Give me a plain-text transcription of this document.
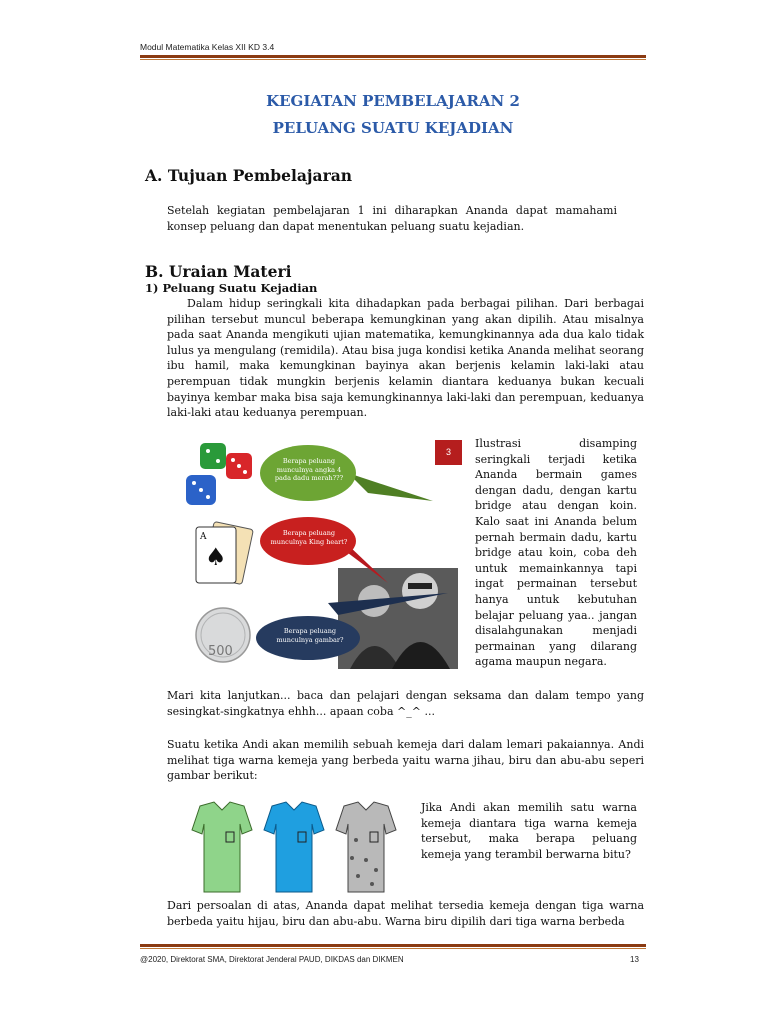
Modul Matematika Kelas XII KD 3.4
KEGIATAN PEMBELAJARAN 2
PELUANG SUATU KEJADIAN
A. Tujuan Pembelajaran
Setelah kegiatan pembelajaran 1 ini diharapkan Ananda dapat mamahami konsep peluang dan dapat menentukan peluang suatu kejadian.
B. Uraian Materi
1) Peluang Suatu Kejadian
Dalam hidup seringkali kita dihadapkan pada berbagai pilihan. Dari berbagai pilihan tersebut muncul beberapa kemungkinan yang akan dipilih. Atau misalnya pada saat Ananda mengikuti ujian matematika, kemungkinannya ada dua kalo tidak lulus ya mengulang (remidila). Atau bisa juga kondisi ketika Ananda melihat seorang ibu hamil, maka kemungkinan bayinya akan berjenis kelamin laki-laki atau perempuan tidak mungkin berjenis kelamin diantara keduanya bukan kecuali bayinya kembar maka bisa saja kemungkinannya laki-laki dan perempuan, keduanya laki-laki atau keduanya perempuan.
A
♠
500
Berapa peluang munculnya angka 4 pada dadu merah???
Berapa peluang munculnya King heart?
Berapa peluang munculnya gambar?
3
Ilustrasi disamping seringkali terjadi ketika Ananda bermain games dengan dadu, dengan kartu bridge atau dengan koin. Kalo saat ini Ananda belum pernah bermain dadu, kartu bridge atau koin, coba deh untuk memainkannya tapi ingat permainan tersebut hanya untuk kebutuhan belajar peluang yaa.. jangan disalahgunakan menjadi permainan yang dilarang agama maupun negara.
Mari kita lanjutkan... baca dan pelajari dengan seksama dan dalam tempo yang sesingkat-singkatnya ehhh... apaan coba ^_^ ...
Suatu ketika Andi akan memilih sebuah kemeja dari dalam lemari pakaiannya. Andi melihat tiga warna kemeja yang berbeda yaitu warna jihau, biru dan abu-abu seperi gambar berikut:
Jika Andi akan memilih satu warna kemeja diantara tiga warna kemeja tersebut, maka berapa peluang kemeja yang terambil berwarna bitu?
Dari persoalan di atas, Ananda dapat melihat tersedia kemeja dengan tiga warna berbeda yaitu hijau, biru dan abu-abu. Warna biru dipilih dari tiga warna berbeda
@2020, Direktorat SMA, Direktorat Jenderal PAUD, DIKDAS dan DIKMEN	13
